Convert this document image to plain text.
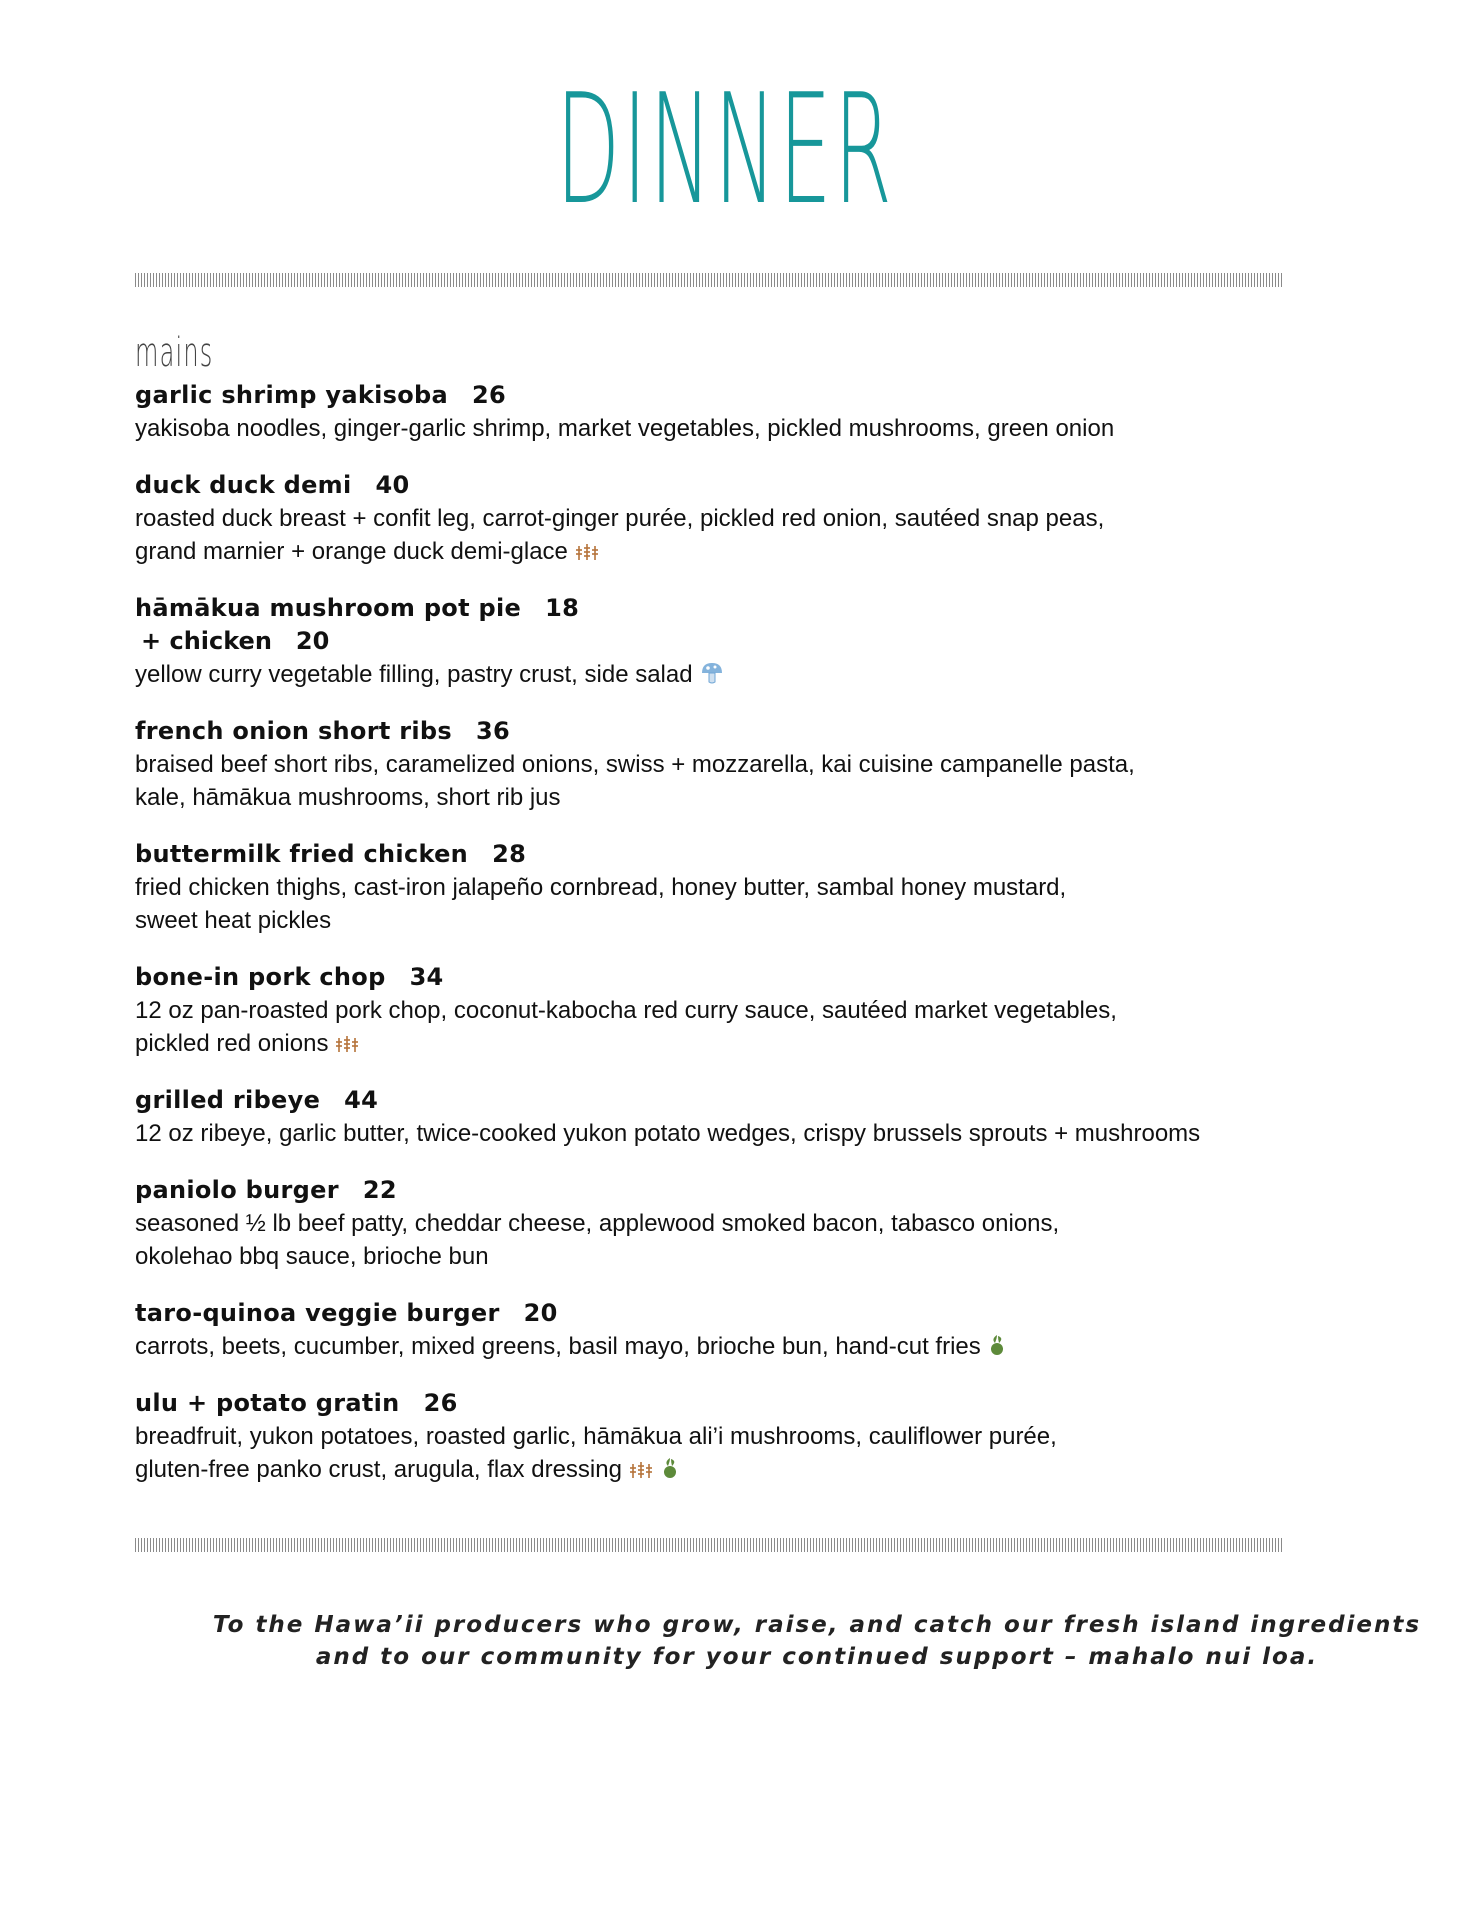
DINNER
mains
garlic shrimp yakisoba 26
yakisoba noodles, ginger-garlic shrimp, market vegetables, pickled mushrooms, green onion
duck duck demi 40
roasted duck breast + confit leg, carrot-ginger purée, pickled red onion, sautéed snap peas,
grand marnier + orange duck demi-glace
hāmākua mushroom pot pie 18
+ chicken 20
yellow curry vegetable filling, pastry crust, side salad
french onion short ribs 36
braised beef short ribs, caramelized onions, swiss + mozzarella, kai cuisine campanelle pasta,
kale, hāmākua mushrooms, short rib jus
buttermilk fried chicken 28
fried chicken thighs, cast-iron jalapeño cornbread, honey butter, sambal honey mustard,
sweet heat pickles
bone-in pork chop 34
12 oz pan-roasted pork chop, coconut-kabocha red curry sauce, sautéed market vegetables,
pickled red onions
grilled ribeye 44
12 oz ribeye, garlic butter, twice-cooked yukon potato wedges, crispy brussels sprouts + mushrooms
paniolo burger 22
seasoned ½ lb beef patty, cheddar cheese, applewood smoked bacon, tabasco onions,
okolehao bbq sauce, brioche bun
taro-quinoa veggie burger 20
carrots, beets, cucumber, mixed greens, basil mayo, brioche bun, hand-cut fries
ulu + potato gratin 26
breadfruit, yukon potatoes, roasted garlic, hāmākua ali’i mushrooms, cauliflower purée,
gluten-free panko crust, arugula, flax dressing
To the Hawa’ii producers who grow, raise, and catch our fresh island ingredients
and to our community for your continued support – mahalo nui loa.
